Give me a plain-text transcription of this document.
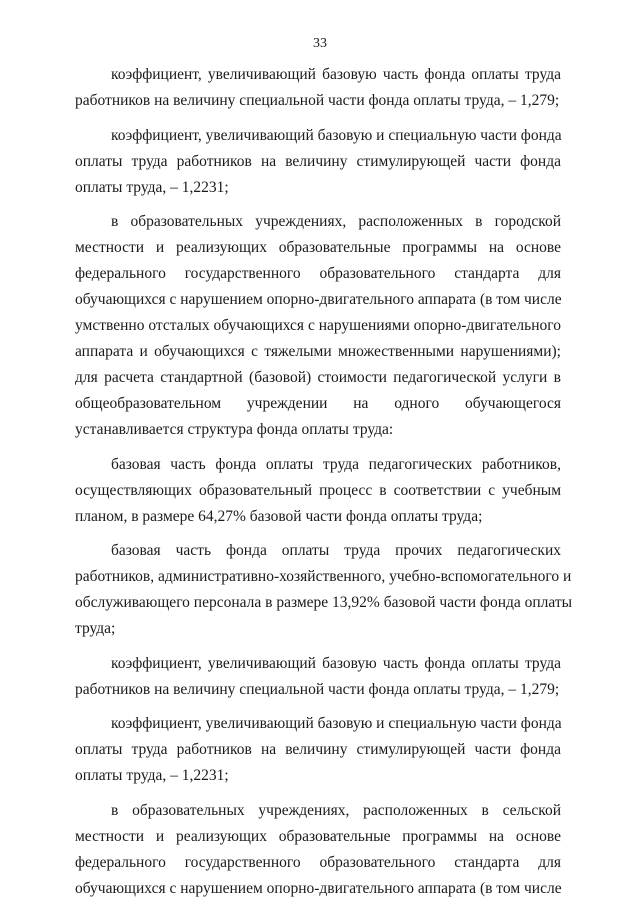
33
коэффициент, увеличивающий базовую часть фонда оплаты труда
работников на величину специальной части фонда оплаты труда, – 1,279;
коэффициент, увеличивающий базовую и специальную части фонда
оплаты труда работников на величину стимулирующей части фонда
оплаты труда, – 1,2231;
в образовательных учреждениях, расположенных в городской
местности и реализующих образовательные программы на основе
федерального государственного образовательного стандарта для
обучающихся с нарушением опорно-двигательного аппарата (в том числе
умственно отсталых обучающихся с нарушениями опорно-двигательного
аппарата и обучающихся с тяжелыми множественными нарушениями);
для расчета стандартной (базовой) стоимости педагогической услуги в
общеобразовательном учреждении на одного обучающегося
устанавливается структура фонда оплаты труда:
базовая часть фонда оплаты труда педагогических работников,
осуществляющих образовательный процесс в соответствии с учебным
планом, в размере 64,27% базовой части фонда оплаты труда;
базовая часть фонда оплаты труда прочих педагогических
работников, административно-хозяйственного, учебно-вспомогательного и
обслуживающего персонала в размере 13,92% базовой части фонда оплаты
труда;
коэффициент, увеличивающий базовую часть фонда оплаты труда
работников на величину специальной части фонда оплаты труда, – 1,279;
коэффициент, увеличивающий базовую и специальную части фонда
оплаты труда работников на величину стимулирующей части фонда
оплаты труда, – 1,2231;
в образовательных учреждениях, расположенных в сельской
местности и реализующих образовательные программы на основе
федерального государственного образовательного стандарта для
обучающихся с нарушением опорно-двигательного аппарата (в том числе
